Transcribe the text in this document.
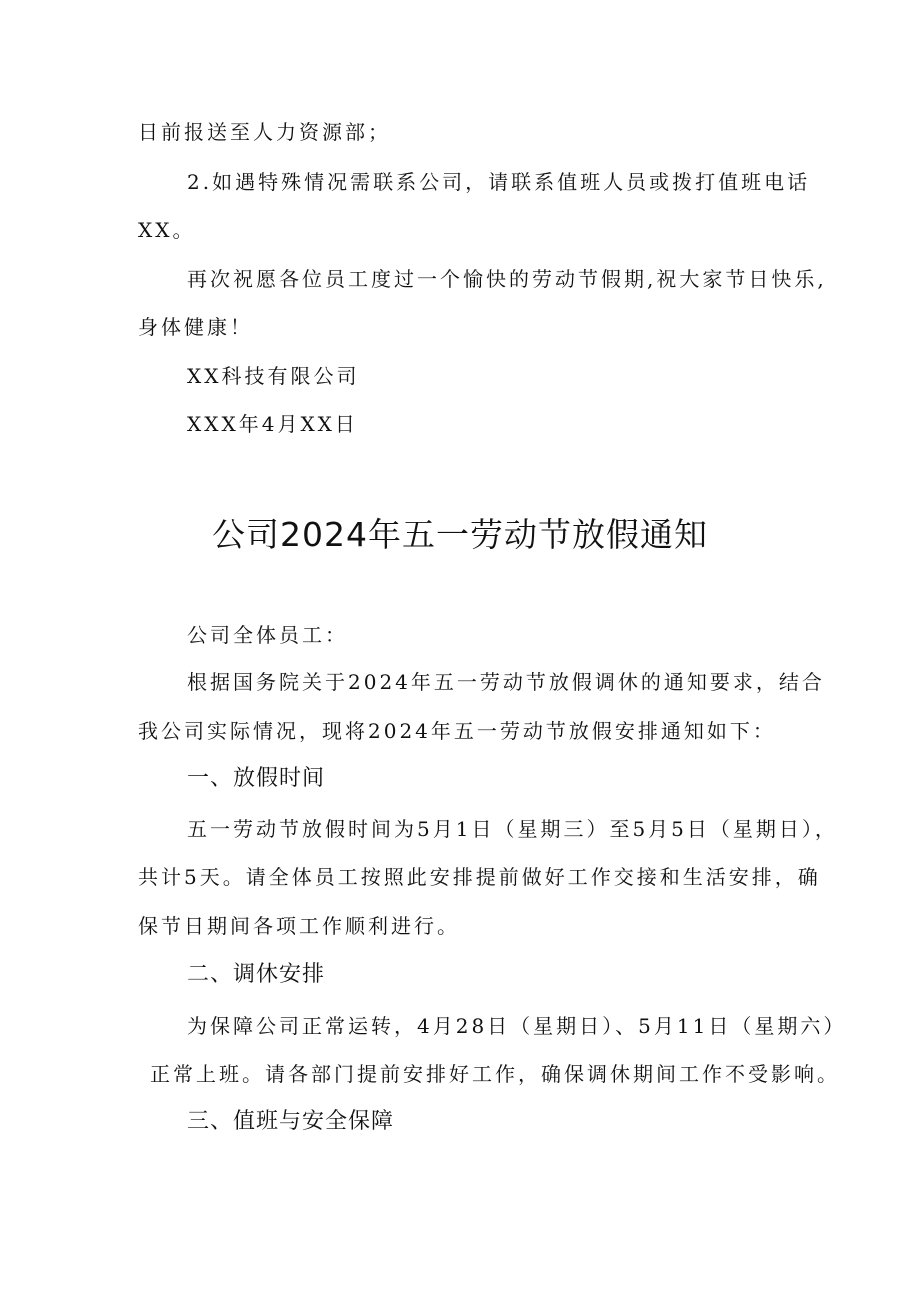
日前报送至人力资源部；

2.如遇特殊情况需联系公司，请联系值班人员或拨打值班电话

XX。

再次祝愿各位员工度过一个愉快的劳动节假期,祝大家节日快乐,

身体健康！

XX科技有限公司

XXX年4月XX日

公司2024年五一劳动节放假通知

公司全体员工：

根据国务院关于2024年五一劳动节放假调休的通知要求，结合

我公司实际情况，现将2024年五一劳动节放假安排通知如下：

一、放假时间

五一劳动节放假时间为5月1日（星期三）至5月5日（星期日），

共计5天。请全体员工按照此安排提前做好工作交接和生活安排，确

保节日期间各项工作顺利进行。

二、调休安排

为保障公司正常运转，4月28日（星期日）、5月11日（星期六）

正常上班。请各部门提前安排好工作，确保调休期间工作不受影响。

三、值班与安全保障
